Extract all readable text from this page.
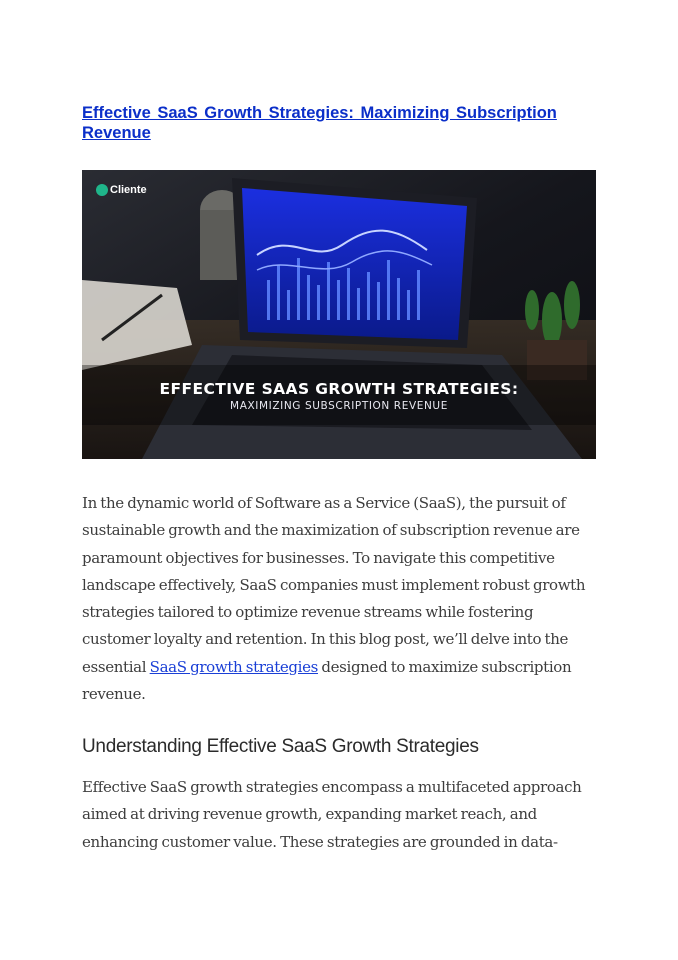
Effective SaaS Growth Strategies: Maximizing Subscription Revenue
Cliente
EFFECTIVE SAAS GROWTH STRATEGIES:
MAXIMIZING SUBSCRIPTION REVENUE
In the dynamic world of Software as a Service (SaaS), the pursuit of sustainable growth and the maximization of subscription revenue are paramount objectives for businesses. To navigate this competitive landscape effectively, SaaS companies must implement robust growth strategies tailored to optimize revenue streams while fostering customer loyalty and retention. In this blog post, we’ll delve into the essential SaaS growth strategies designed to maximize subscription revenue.
Understanding Effective SaaS Growth Strategies
Effective SaaS growth strategies encompass a multifaceted approach aimed at driving revenue growth, expanding market reach, and enhancing customer value. These strategies are grounded in data-
